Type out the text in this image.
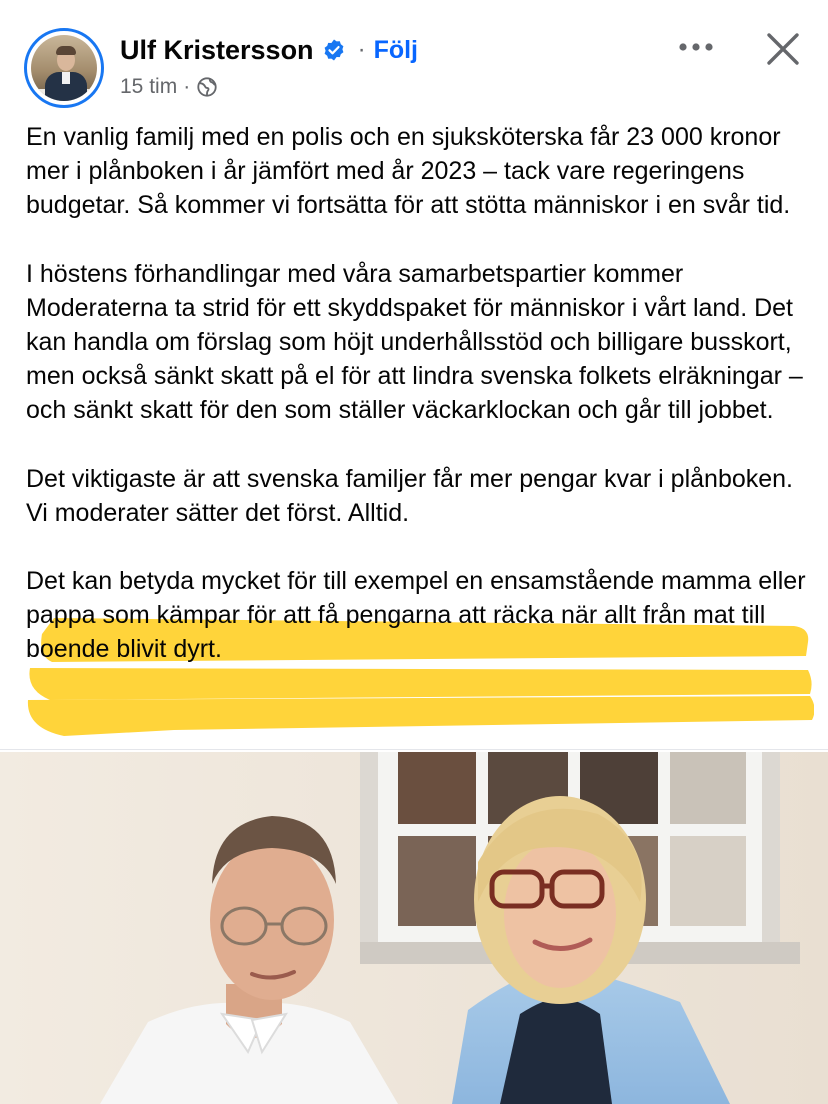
Ulf Kristersson · Följ
15 tim ·

En vanlig familj med en polis och en sjuksköterska får 23 000 kronor mer i plånboken i år jämfört med år 2023 – tack vare regeringens budgetar. Så kommer vi fortsätta för att stötta människor i en svår tid.

I höstens förhandlingar med våra samarbetspartier kommer Moderaterna ta strid för ett skyddspaket för människor i vårt land. Det kan handla om förslag som höjt underhållsstöd och billigare busskort, men också sänkt skatt på el för att lindra svenska folkets elräkningar – och sänkt skatt för den som ställer väckarklockan och går till jobbet.

Det viktigaste är att svenska familjer får mer pengar kvar i plånboken. Vi moderater sätter det först. Alltid.

Det kan betyda mycket för till exempel en ensamstående mamma eller pappa som kämpar för att få pengarna att räcka när allt från mat till boende blivit dyrt.
